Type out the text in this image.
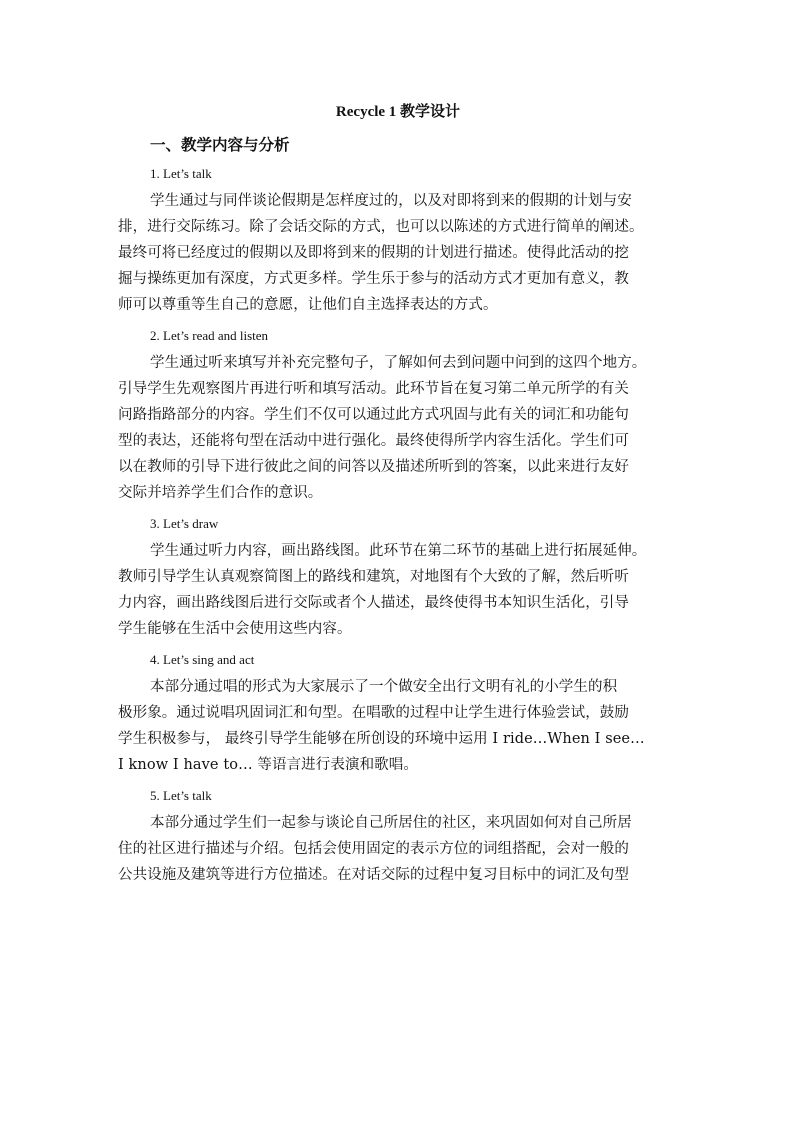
Recycle 1 教学设计
一、教学内容与分析
1. Let’s talk
学生通过与同伴谈论假期是怎样度过的，以及对即将到来的假期的计划与安
排，进行交际练习。除了会话交际的方式，也可以以陈述的方式进行简单的阐述。
最终可将已经度过的假期以及即将到来的假期的计划进行描述。使得此活动的挖
掘与操练更加有深度，方式更多样。学生乐于参与的活动方式才更加有意义，教
师可以尊重等生自己的意愿，让他们自主选择表达的方式。
2. Let’s read and listen
学生通过听来填写并补充完整句子，了解如何去到问题中问到的这四个地方。
引导学生先观察图片再进行听和填写活动。此环节旨在复习第二单元所学的有关
问路指路部分的内容。学生们不仅可以通过此方式巩固与此有关的词汇和功能句
型的表达，还能将句型在活动中进行强化。最终使得所学内容生活化。学生们可
以在教师的引导下进行彼此之间的问答以及描述所听到的答案，以此来进行友好
交际并培养学生们合作的意识。
3. Let’s draw
学生通过听力内容，画出路线图。此环节在第二环节的基础上进行拓展延伸。
教师引导学生认真观察简图上的路线和建筑，对地图有个大致的了解，然后听听
力内容，画出路线图后进行交际或者个人描述，最终使得书本知识生活化，引导
学生能够在生活中会使用这些内容。
4. Let’s sing and act
本部分通过唱的形式为大家展示了一个做安全出行文明有礼的小学生的积
极形象。通过说唱巩固词汇和句型。在唱歌的过程中让学生进行体验尝试，鼓励
学生积极参与， 最终引导学生能够在所创设的环境中运用 I ride…When I see…
I know I have to… 等语言进行表演和歌唱。
5. Let’s talk
本部分通过学生们一起参与谈论自己所居住的社区，来巩固如何对自己所居
住的社区进行描述与介绍。包括会使用固定的表示方位的词组搭配，会对一般的
公共设施及建筑等进行方位描述。在对话交际的过程中复习目标中的词汇及句型
